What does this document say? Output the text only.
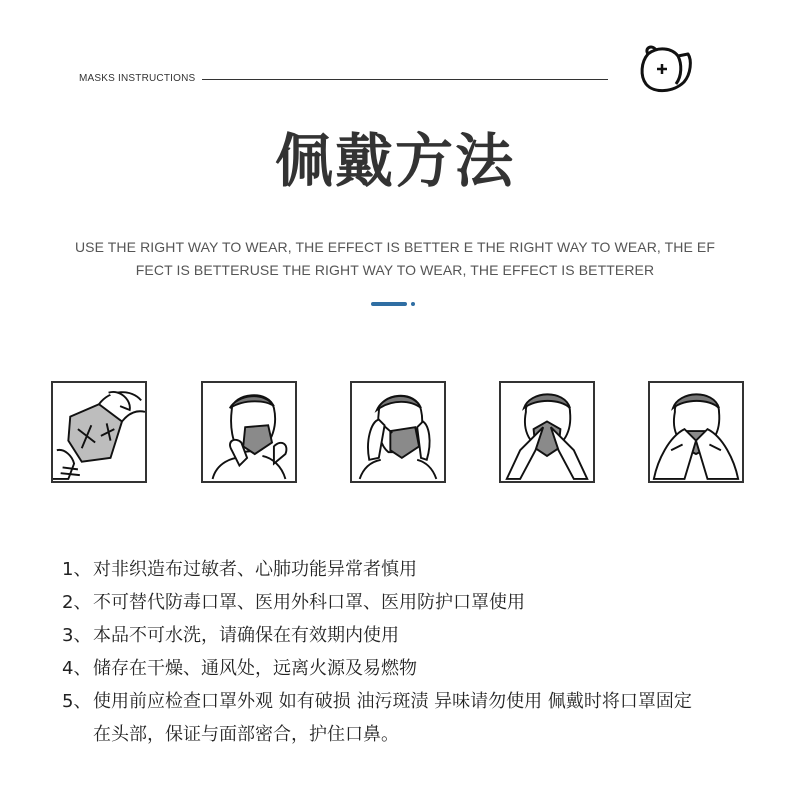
MASKS INSTRUCTIONS
佩戴方法
USE THE RIGHT WAY TO WEAR, THE EFFECT IS BETTER E THE RIGHT WAY TO WEAR, THE EF
FECT IS BETTERUSE THE RIGHT WAY TO WEAR, THE EFFECT IS BETTERER
1、 对非织造布过敏者、心肺功能异常者慎用
2、 不可替代防毒口罩、医用外科口罩、医用防护口罩使用
3、 本品不可水洗，请确保在有效期内使用
4、 储存在干燥、通风处，远离火源及易燃物
5、 使用前应检查口罩外观 如有破损 油污斑渍 异味请勿使用 佩戴时将口罩固定
在头部，保证与面部密合，护住口鼻。
